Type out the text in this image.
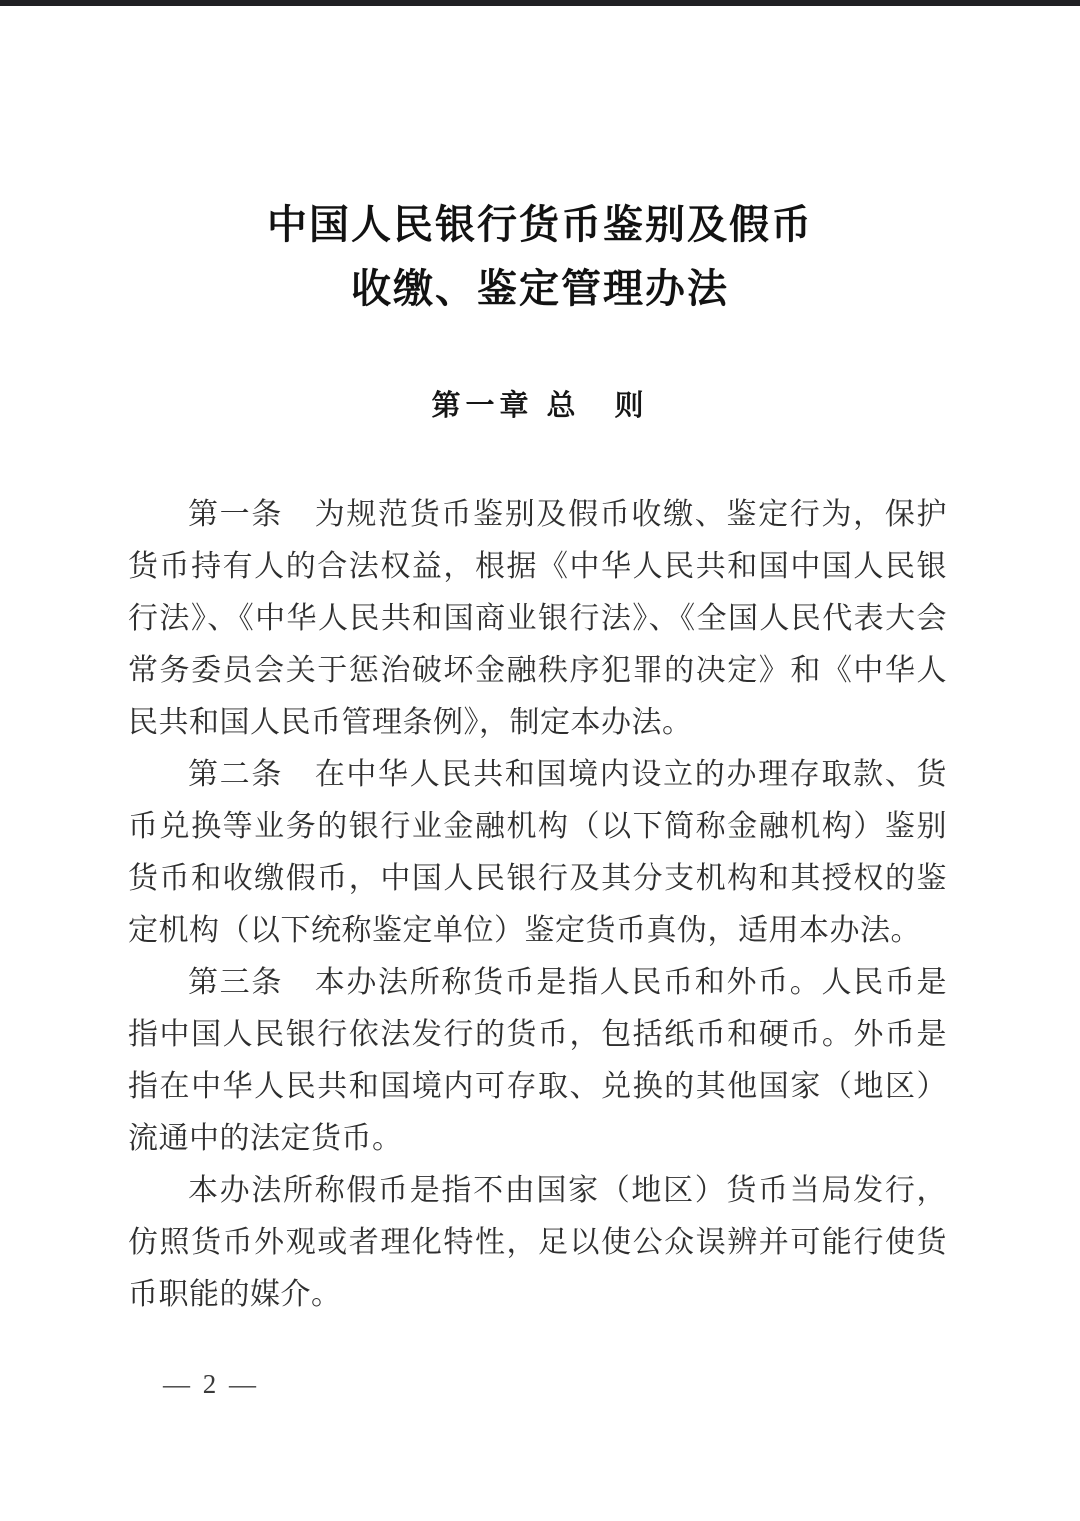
中国人民银行货币鉴别及假币
收缴、鉴定管理办法
第一章 总　则

第一条　为规范货币鉴别及假币收缴、鉴定行为，保护货币持有人的合法权益，根据《中华人民共和国中国人民银行法》、《中华人民共和国商业银行法》、《全国人民代表大会常务委员会关于惩治破坏金融秩序犯罪的决定》和《中华人民共和国人民币管理条例》，制定本办法。

第二条　在中华人民共和国境内设立的办理存取款、货币兑换等业务的银行业金融机构（以下简称金融机构）鉴别货币和收缴假币，中国人民银行及其分支机构和其授权的鉴定机构（以下统称鉴定单位）鉴定货币真伪，适用本办法。

第三条　本办法所称货币是指人民币和外币。人民币是指中国人民银行依法发行的货币，包括纸币和硬币。外币是指在中华人民共和国境内可存取、兑换的其他国家（地区）流通中的法定货币。

本办法所称假币是指不由国家（地区）货币当局发行，仿照货币外观或者理化特性，足以使公众误辨并可能行使货币职能的媒介。

— 2 —
